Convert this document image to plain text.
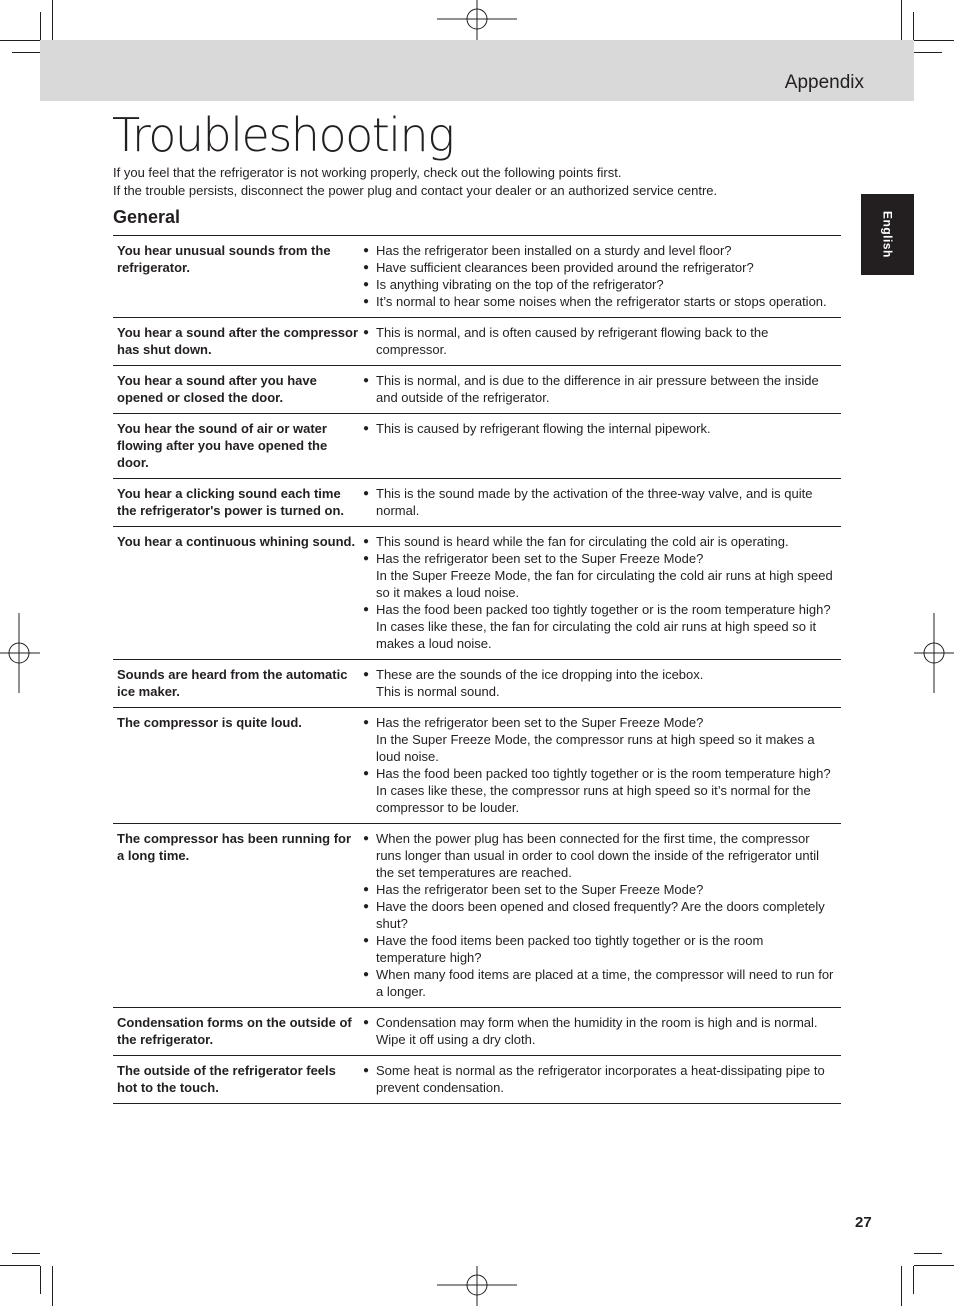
Appendix
English
Troubleshooting
If you feel that the refrigerator is not working properly, check out the following points first.
If the trouble persists, disconnect the power plug and contact your dealer or an authorized service centre.
General
You hear unusual sounds from the refrigerator.
● Has the refrigerator been installed on a sturdy and level floor?
● Have sufficient clearances been provided around the refrigerator?
● Is anything vibrating on the top of the refrigerator?
● It’s normal to hear some noises when the refrigerator starts or stops operation.
You hear a sound after the compressor has shut down.
● This is normal, and is often caused by refrigerant flowing back to the compressor.
You hear a sound after you have opened or closed the door.
● This is normal, and is due to the difference in air pressure between the inside and outside of the refrigerator.
You hear the sound of air or water flowing after you have opened the door.
● This is caused by refrigerant flowing the internal pipework.
You hear a clicking sound each time the refrigerator's power is turned on.
● This is the sound made by the activation of the three-way valve, and is quite normal.
You hear a continuous whining sound. ● This sound is heard while the fan for circulating the cold air is operating.
● Has the refrigerator been set to the Super Freeze Mode?
In the Super Freeze Mode, the fan for circulating the cold air runs at high speed so it makes a loud noise.
● Has the food been packed too tightly together or is the room temperature high?
In cases like these, the fan for circulating the cold air runs at high speed so it makes a loud noise.
Sounds are heard from the automatic ice maker.
● These are the sounds of the ice dropping into the icebox.
This is normal sound.
The compressor is quite loud.	● Has the refrigerator been set to the Super Freeze Mode?
In the Super Freeze Mode, the compressor runs at high speed so it makes a loud noise.
● Has the food been packed too tightly together or is the room temperature high?
In cases like these, the compressor runs at high speed so it’s normal for the compressor to be louder.
The compressor has been running for a long time.
● When the power plug has been connected for the first time, the compressor runs longer than usual in order to cool down the inside of the refrigerator until the set temperatures are reached.
● Has the refrigerator been set to the Super Freeze Mode?
● Have the doors been opened and closed frequently? Are the doors completely shut?
● Have the food items been packed too tightly together or is the room temperature high?
● When many food items are placed at a time, the compressor will need to run for a longer.
Condensation forms on the outside of the refrigerator.
● Condensation may form when the humidity in the room is high and is normal. Wipe it off using a dry cloth.
The outside of the refrigerator feels hot to the touch.
● Some heat is normal as the refrigerator incorporates a heat-dissipating pipe to prevent condensation.
27
